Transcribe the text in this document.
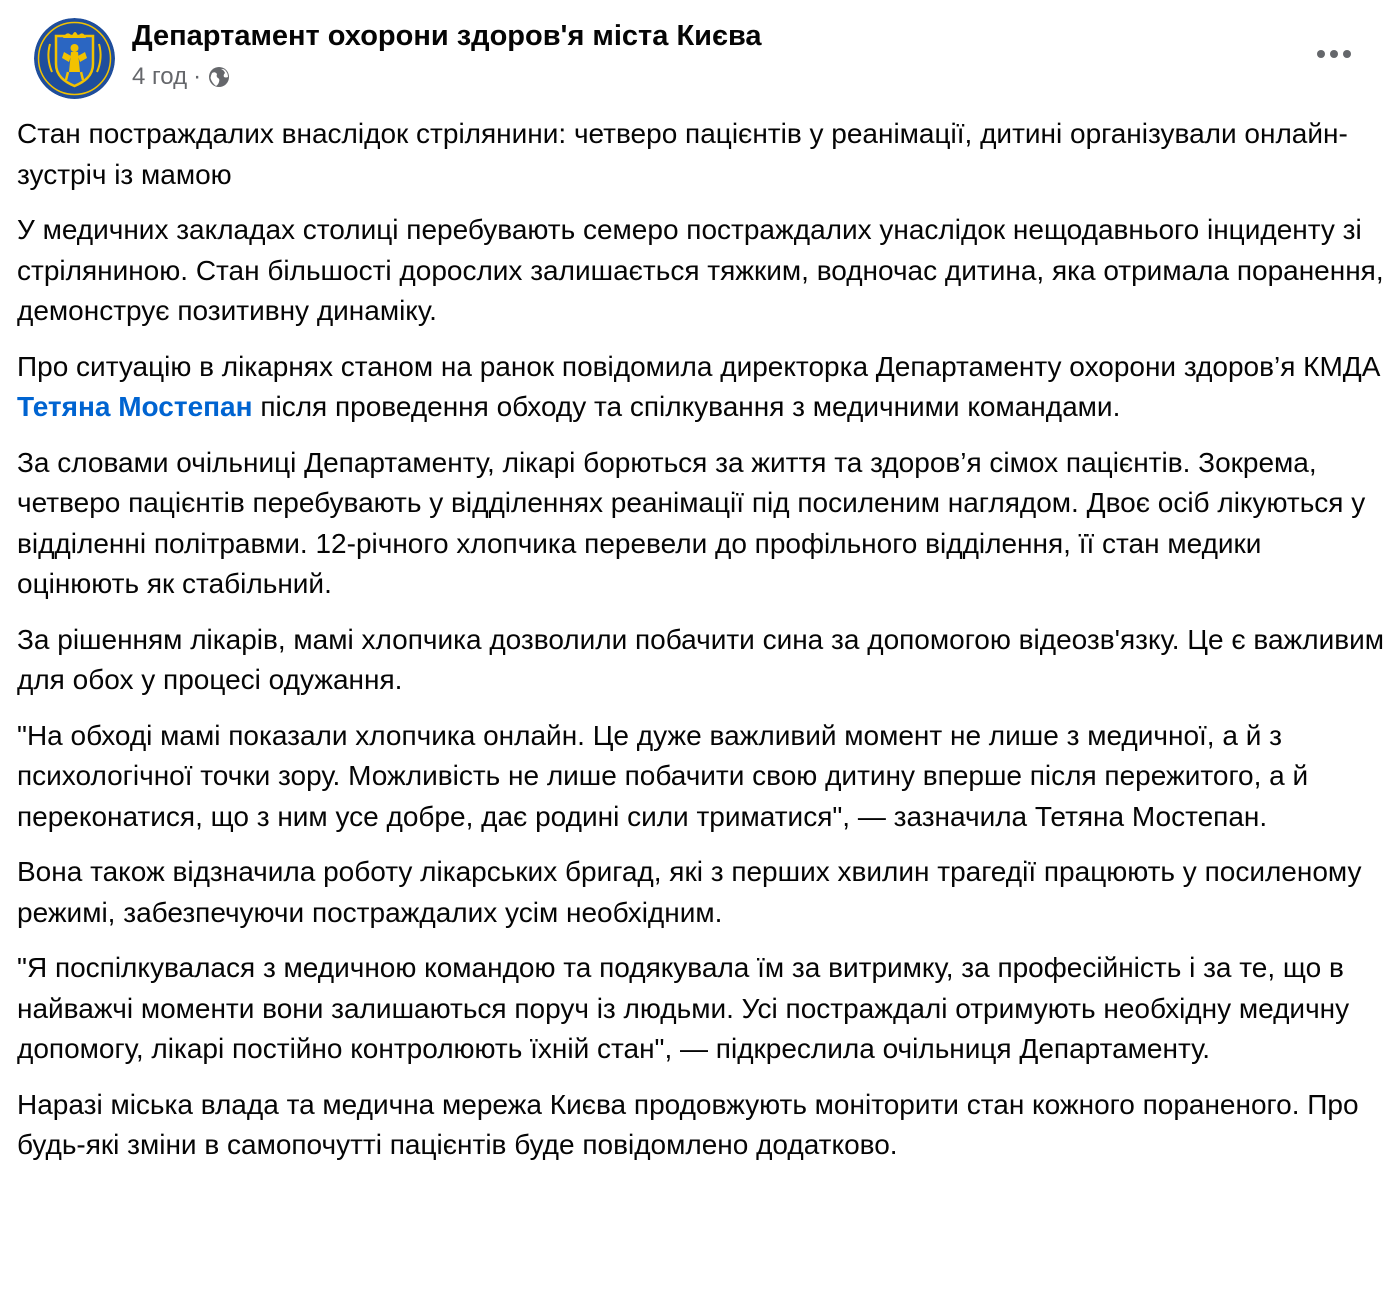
Департамент охорони здоров'я міста Києва
4 год ·

Стан постраждалих внаслідок стрілянини: четверо пацієнтів у реанімації, дитині організували онлайн-зустріч із мамою

У медичних закладах столиці перебувають семеро постраждалих унаслідок нещодавнього інциденту зі стріляниною. Стан більшості дорослих залишається тяжким, водночас дитина, яка отримала поранення, демонструє позитивну динаміку.

Про ситуацію в лікарнях станом на ранок повідомила директорка Департаменту охорони здоров’я КМДА Тетяна Мостепан після проведення обходу та спілкування з медичними командами.

За словами очільниці Департаменту, лікарі борються за життя та здоров’я сімох пацієнтів. Зокрема, четверо пацієнтів перебувають у відділеннях реанімації під посиленим наглядом. Двоє осіб лікуються у відділенні політравми. 12-річного хлопчика перевели до профільного відділення, її стан медики оцінюють як стабільний.

За рішенням лікарів, мамі хлопчика дозволили побачити сина за допомогою відеозв'язку. Це є важливим для обох у процесі одужання.

"На обході мамі показали хлопчика онлайн. Це дуже важливий момент не лише з медичної, а й з психологічної точки зору. Можливість не лише побачити свою дитину вперше після пережитого, а й переконатися, що з ним усе добре, дає родині сили триматися", — зазначила Тетяна Мостепан.

Вона також відзначила роботу лікарських бригад, які з перших хвилин трагедії працюють у посиленому режимі, забезпечуючи постраждалих усім необхідним.

"Я поспілкувалася з медичною командою та подякувала їм за витримку, за професійність і за те, що в найважчі моменти вони залишаються поруч із людьми. Усі постраждалі отримують необхідну медичну допомогу, лікарі постійно контролюють їхній стан", — підкреслила очільниця Департаменту.

Наразі міська влада та медична мережа Києва продовжують моніторити стан кожного пораненого. Про будь-які зміни в самопочутті пацієнтів буде повідомлено додатково.
